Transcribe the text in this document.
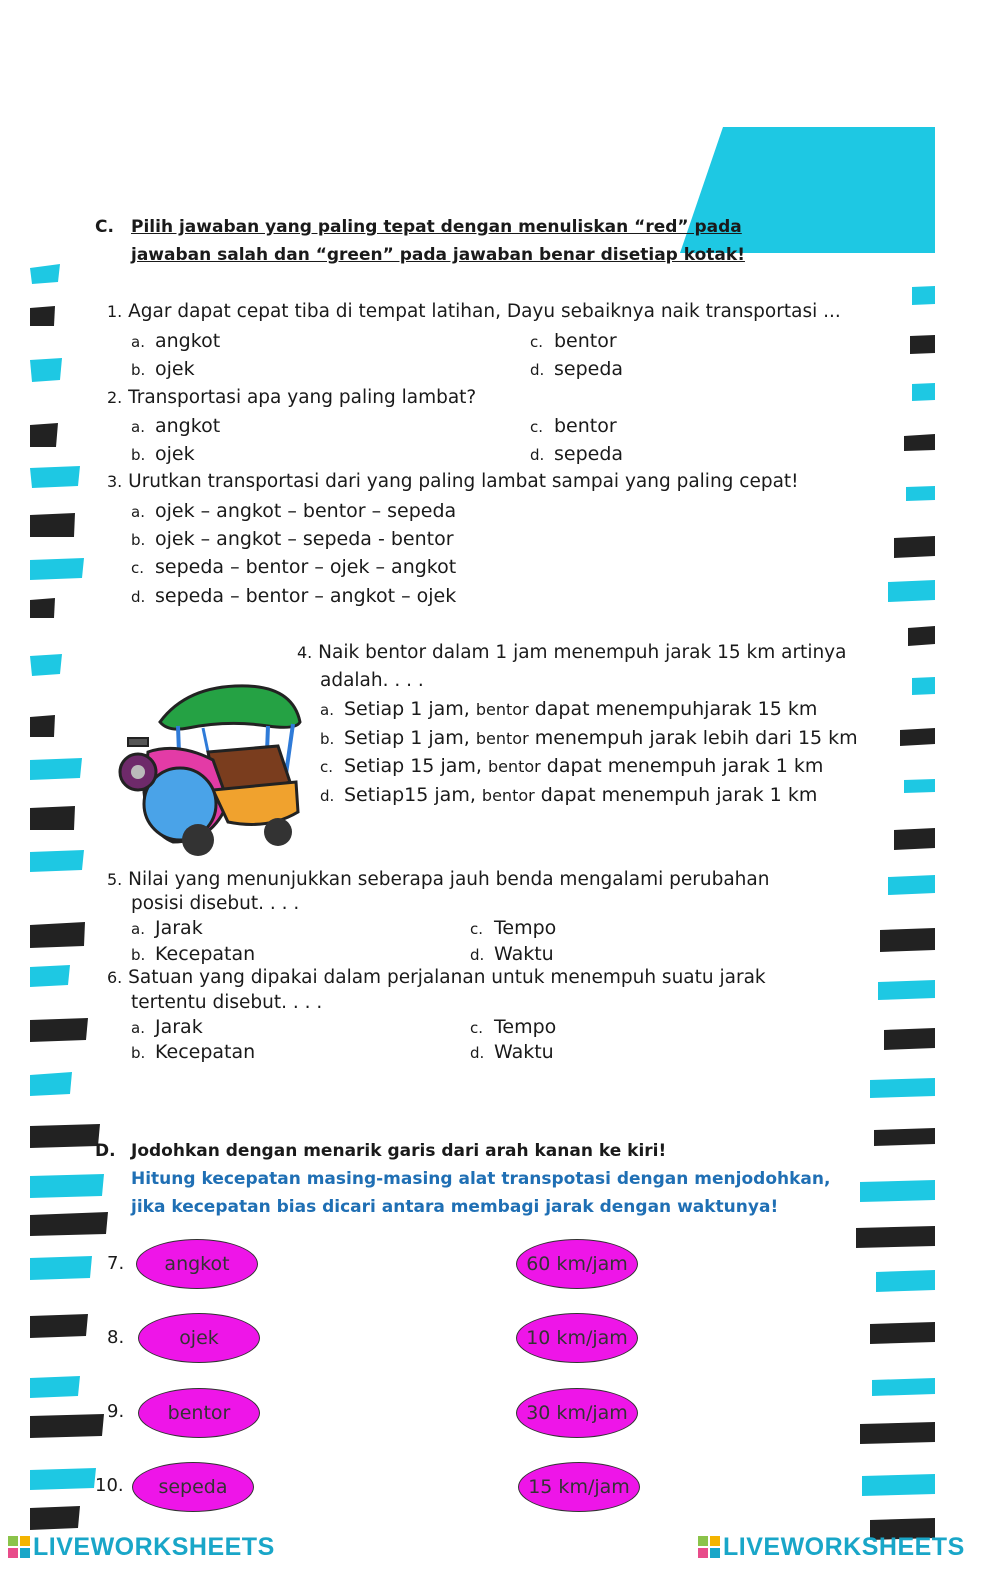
C. Pilih jawaban yang paling tepat dengan menuliskan “red” pada
jawaban salah dan “green” pada jawaban benar disetiap kotak!
1. Agar dapat cepat tiba di tempat latihan, Dayu sebaiknya naik transportasi ...
a. angkot	c. bentor
b. ojek	d. sepeda
2. Transportasi apa yang paling lambat?
a. angkot	c. bentor
b. ojek	d. sepeda
3. Urutkan transportasi dari yang paling lambat sampai yang paling cepat!
a. ojek – angkot – bentor – sepeda
b. ojek – angkot – sepeda - bentor
c. sepeda – bentor – ojek – angkot
d. sepeda – bentor – angkot – ojek
4. Naik bentor dalam 1 jam menempuh jarak 15 km artinya
adalah. . . .
a. Setiap 1 jam, bentor dapat menempuhjarak 15 km
b. Setiap 1 jam, bentor menempuh jarak lebih dari 15 km
c. Setiap 15 jam, bentor dapat menempuh jarak 1 km
d. Setiap15 jam, bentor dapat menempuh jarak 1 km
5. Nilai yang menunjukkan seberapa jauh benda mengalami perubahan
posisi disebut. . . .
a. Jarak	c. Tempo
b. Kecepatan	d. Waktu
6. Satuan yang dipakai dalam perjalanan untuk menempuh suatu jarak
tertentu disebut. . . .
a. Jarak	c. Tempo
b. Kecepatan	d. Waktu
D. Jodohkan dengan menarik garis dari arah kanan ke kiri!
Hitung kecepatan masing-masing alat transpotasi dengan menjodohkan,
jika kecepatan bias dicari antara membagi jarak dengan waktunya!
7.	angkot	60 km/jam
8.	ojek	10 km/jam
9.	bentor	30 km/jam
10.	sepeda	15 km/jam
LIVEWORKSHEETS	LIVEWORKSHEETS
